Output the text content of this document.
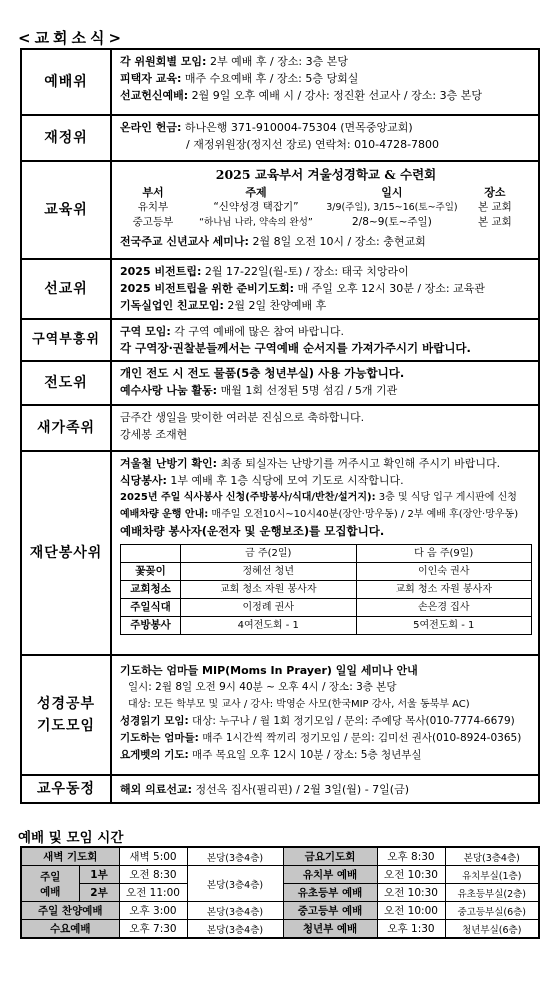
<교회소식>
예배위	
각 위원회별 모임: 2부 예배 후 / 장소: 3층 본당
피택자 교육: 매주 수요예배 후 / 장소: 5층 당회실
선교헌신예배: 2월 9일 오후 예배 시 / 강사: 정진환 선교사 / 장소: 3층 본당

재정위	
온라인 헌금: 하나은행 371-910004-75304 (면목중앙교회)
/ 재정위원장(정지선 장로) 연락처: 010-4728-7800

교육위	
2025 교육부서 겨울성경학교 & 수련회
부서	주제	일시	장소
유치부	“신약성경 택잡기”	3/9(주일), 3/15~16(토~주일)	본 교회
중고등부	“하나님 나라, 약속의 완성”	2/8~9(토~주일)	본 교회
전국주교 신년교사 세미나: 2월 8일 오전 10시 / 장소: 충현교회

선교위	
2025 비전트립: 2월 17-22일(월-토) / 장소: 태국 치앙라이
2025 비전트립을 위한 준비기도회: 매 주일 오후 12시 30분 / 장소: 교육관
기독실업인 친교모임: 2월 2일 찬양예배 후

구역부흥위	
구역 모임: 각 구역 예배에 많은 참여 바랍니다.
각 구역장·권찰분들께서는 구역예배 순서지를 가져가주시기 바랍니다.

전도위	
개인 전도 시 전도 물품(5층 청년부실) 사용 가능합니다.
예수사랑 나눔 활동: 매월 1회 선정된 5명 섬김 / 5개 기관

새가족위	
금주간 생일을 맞이한 여러분 진심으로 축하합니다.
강세봉 조재현

재단봉사위	
겨울철 난방기 확인: 최종 퇴실자는 난방기를 꺼주시고 확인해 주시기 바랍니다.
식당봉사: 1부 예배 후 1층 식당에 모여 기도로 시작합니다.
2025년 주일 식사봉사 신청(주방봉사/식대/반찬/설거지): 3층 및 식당 입구 게시판에 신청
예배차량 운행 안내: 매주일 오전10시~10시40분(장안·망우동) / 2부 예배 후(장안·망우동)
예배차량 봉사자(운전자 및 운행보조)를 모집합니다.
	금 주(2일)	다 음 주(9일)
꽃꽂이	정혜선 청년	이인숙 권사
교회청소	교회 청소 자원 봉사자	교회 청소 자원 봉사자
주일식대	이정례 권사	손은경 집사
주방봉사	4여전도회 - 1	5여전도회 - 1

성경공부
기도모임

기도하는 엄마들 MIP(Moms In Prayer) 일일 세미나 안내
일시: 2월 8일 오전 9시 40분 ~ 오후 4시 / 장소: 3층 본당
대상: 모든 학부모 및 교사 / 강사: 박영순 사모(한국MIP 강사, 서울 동북부 AC)
성경읽기 모임: 대상: 누구나 / 월 1회 정기모임 / 문의: 주예당 목사(010-7774-6679)
기도하는 엄마들: 매주 1시간씩 짝끼리 정기모임 / 문의: 김미선 권사(010-8924-0365)
요게벳의 기도: 매주 목요일 오후 12시 10분 / 장소: 5층 청년부실

교우동정	해외 의료선교: 정선옥 집사(필리핀) / 2월 3일(월) - 7일(금)
예배 및 모임 시간
새벽 기도회		새벽 5:00	본당(3층4층)	금요기도회	오후 8:30	본당(3층4층)

주일
예배	1부	오전 8:30	본당(3층4층)	유치부 예배	오전 10:30	유치부실(1층)
	2부	오전 11:00		유초등부 예배	오전 10:30	유초등부실(2층)
주일 찬양예배		오후 3:00	본당(3층4층)	중고등부 예배	오전 10:00	중고등부실(6층)
수요예배		오후 7:30	본당(3층4층)	청년부 예배	오후 1:30	청년부실(6층)
